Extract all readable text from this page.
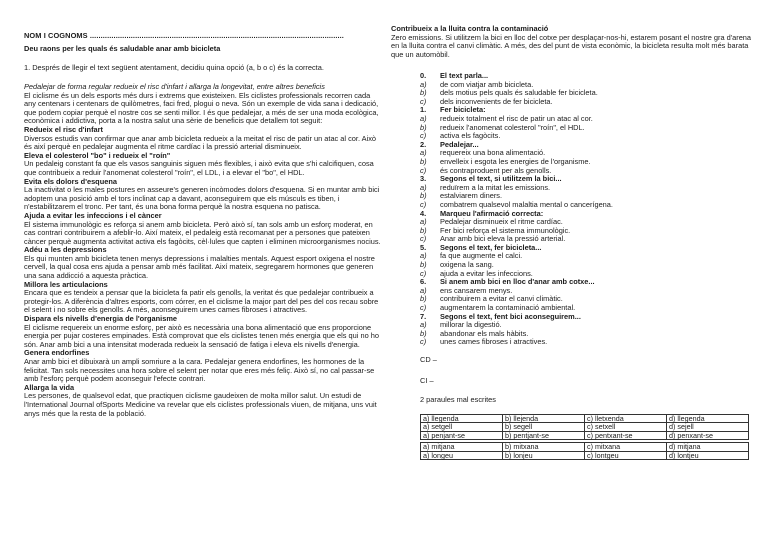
NOM I COGNOMS ......................................................................................................................
Deu raons per les quals és saludable anar amb bicicleta
1. Després de llegir el text següent atentament, decidiu quina opció (a, b o c) és la correcta.

Pedalejar de forma regular redueix el risc d'infart i allarga la longevitat, entre altres beneficis

El ciclisme és un dels esports més durs i extrems que existeixen. Els ciclistes professionals recorren cada any centenars i centenars de quilòmetres, faci fred, plogui o neva. Són un exemple de vida sana i dedicació, que podem copiar perquè el nostre cos se senti millor. I és que pedalejar, a més de ser una moda ecològica, econòmica i addictiva, porta a la nostra salut una sèrie de beneficis que detallem tot seguit:

Redueix el risc d'infart

Diversos estudis van confirmar que anar amb bicicleta redueix a la meitat el risc de patir un atac al cor. Això és així perquè en pedalejar augmenta el ritme cardíac i la pressió arterial disminueix.

Eleva el colesterol "bo" i redueix el "roín"

Un pedaleig constant fa que els vasos sanguinis siguen més flexibles, i això evita que s'hi calcifiquen, cosa que contribueix a reduir l'anomenat colesterol "roín", el LDL, i a elevar el "bo", el HDL.

Evita els dolors d'esquena

La inactivitat o les males postures en asseure's generen incòmodes dolors d'esquena. Si en muntar amb bici adoptem una posició amb el tors inclinat cap a davant, aconseguirem que els músculs es tiben, i n'estabilitzarem el tronc. Per tant, és una bona forma perquè la nostra esquena no patisca.

Ajuda a evitar les infeccions i el càncer

El sistema immunològic es reforça si anem amb bicicleta. Però això sí, tan sols amb un esforç moderat, en cas contrari contribuirem a afeblir-lo. Així mateix, el pedaleig està recomanat per a persones que pateixen càncer perquè augmenta activitat activa els fagòcits, cèl·lules que capten i eliminen microorganismes nocius.

Adéu a les depressions

Els qui munten amb bicicleta tenen menys depressions i malalties mentals. Aquest esport oxigena el nostre cervell, la qual cosa ens ajuda a pensar amb més facilitat. Així mateix, segregarem hormones que generen una sana addicció a aquesta pràctica.

Millora les articulacions

Encara que es tendeix a pensar que la bicicleta fa patir els genolls, la veritat és que pedalejar contribueix a protegir-los. A diferència d'altres esports, com córrer, en el ciclisme la major part del pes del cos recau sobre el selent i no sobre els genolls. A més, aconseguirem unes cames fibroses i atractives.

Dispara els nivells d'energia de l'organisme

El ciclisme requereix un enorme esforç, per això es necessària una bona alimentació que ens proporcione energia per pujar costeres empinades. Està comprovat que els ciclistes tenen més energia que els qui no ho són. Anar amb bici a una intensitat moderada redueix la sensació de fatiga i eleva els nivells d'energia.

Genera endorfines

Anar amb bici et dibuixarà un ampli somriure a la cara. Pedalejar genera endorfines, les hormones de la felicitat. Tan sols necessites una hora sobre el selent per notar que eres més feliç. Això sí, no cal passar-se amb l'esforç perquè podem aconseguir l'efecte contrari.

Allarga la vida

Les persones, de qualsevol edat, que practiquen ciclisme gaudeixen de molta millor salut. Un estudi de l'International Journal ofSports Medicine va revelar que els ciclistes professionals viuen, de mitjana, uns vuit anys més que la resta de la població.

Contribueix a la lluita contra la contaminació
Zero emissions. Si utilitzem la bici en lloc del cotxe per desplaçar-nos-hi, estarem posant el nostre gra d'arena en la lluita contra el canvi climàtic. A més, des del punt de vista econòmic, la bicicleta resulta molt més barata que un automòbil.
0.	El text parla...
a)	de com viatjar amb bicicleta.
b)	dels motius pels quals és saludable fer bicicleta.
c)	dels inconvenients de fer bicicleta.
1.	Fer bicicleta:
a)	redueix totalment el risc de patir un atac al cor.
b)	redueix l'anomenat colesterol "roín", el HDL.
c)	activa els fagòcits.
2.	Pedalejar...
a)	requereix una bona alimentació.
b)	envelleix i esgota les energies de l'organisme.
c)	és contraproduent per als genolls.
3.	Segons el text, si utilitzem la bici...
a)	reduïrem a la mitat les emissions.
b)	estalviarem diners.
c)	combatrem qualsevol malaltia mental o cancerígena.
4.	Marqueu l'afirmació correcta:
a)	Pedalejar disminueix el ritme cardíac.
b)	Fer bici reforça el sistema immunològic.
c)	Anar amb bici eleva la pressió arterial.
5.	Segons el text, fer bicicleta...
a)	fa que augmente el calci.
b)	oxigena la sang.
c)	ajuda a evitar les infeccions.
6.	Si anem amb bici en lloc d'anar amb cotxe...
a)	ens cansarem menys.
b)	contribuirem a evitar el canvi climàtic.
c)	augmentarem la contaminació ambiental.
7.	Segons el text, fent bici aconseguirem...
a)	millorar la digestió.
b)	abandonar els mals hàbits.
c)	unes cames fibroses i atractives.
CD –
CI –
2 paraules mal escrites
a) llegenda	b) llejenda	c) lletxenda	d) llegenda
a) setgell	b) segell	c) setxell	d) sejell
a) penjant-se	b) pentjant-se	c) pentxant-se	d) penxant-se

a) mitjana	b) mitxana	c) mitxana	d) mitjana
a) longeu	b) lonjeu	c) lontgeu	d) lontjeu
